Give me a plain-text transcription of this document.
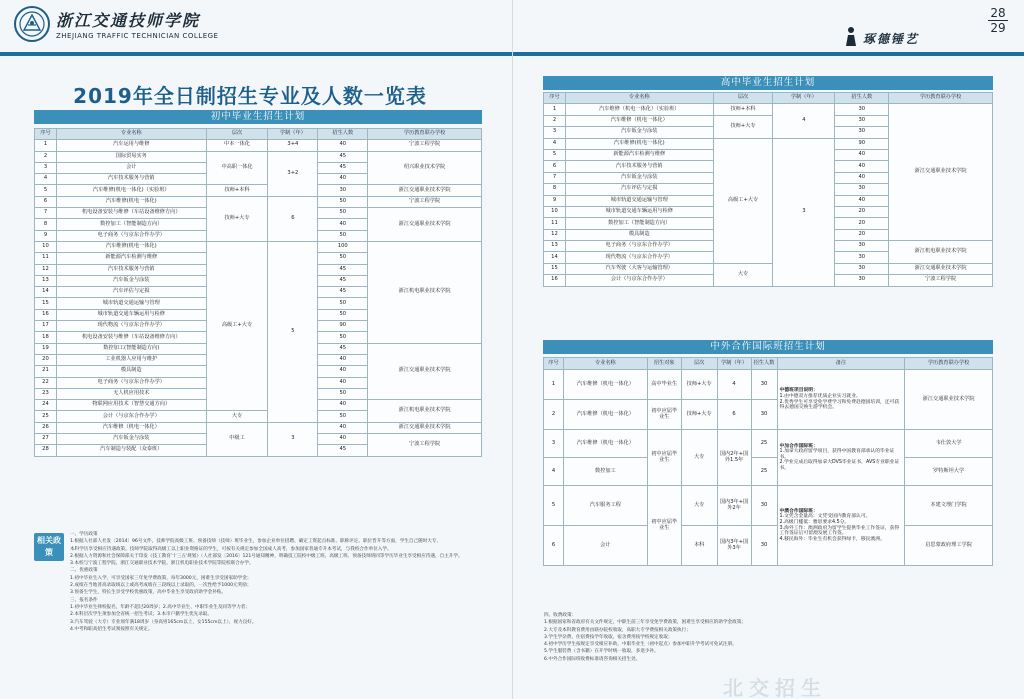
浙江交通技师学院
ZHEJIANG TRAFFIC TECHNICIAN COLLEGE
2019年全日制招生专业及人数一览表
初中毕业生招生计划
序号	专业名称	层次	学制（年）	招生人数	学历教育联办学校
1	汽车运用与维修	中本一体化	3+4	40	宁波工程学院
2	国际贸易实务	中高职一体化	3+2	45	绍兴职业技术学院
3	会计			45	
4	汽车技术服务与营销			40	
5	汽车维修(机电一体化)（实验班）	技师+本科		30	浙江交通职业技术学院
6	汽车维修(机电一体化)	技师+大专	6	50	宁波工程学院
7	机电设备安装与维修（车站设备维修方向）			50	浙江交通职业技术学院
8	数控加工（智能制造方向）			40	
9	电子商务（与京东合作办学）			50	
10	汽车维修(机电一体化)	高级工+大专	5	100	浙江机电职业技术学院
11	新能源汽车检测与维修			50	
12	汽车技术服务与营销			45	
13	汽车钣金与涂装			45	
14	汽车评估与定损			45	
15	城市轨道交通运输与管理			50	
16	城市轨道交通车辆运用与检修			50	
17	现代物流（与京东合作办学）			90	
18	机电设备安装与维修（车站设备维修方向）			50	
19	数控加工(智能制造方向)			45	浙江交通职业技术学院
20	工业机器人应用与维护			40	
21	模具制造			40	
22	电子商务（与京东合作办学）			40	
23	无人机应用技术			50	
24	物联网应用技术（智慧交通方向）			40	浙江机电职业技术学院
25	会计（与京东合作办学）	大专		50	
26	汽车维修（机电一体化）	中级工	3	40	浙江交通职业技术学院
27	汽车钣金与涂装			40	宁波工程学院
28	汽车制造与装配（众泰班）			45	
相关政策
一、学历政策
1.根据人社部人社发〔2014〕96号文件，技师学院高级工班、预备技师（技师）班毕业生，参加企业单位招聘、确定工资起点标准、职称评定、职位晋升等方面，学生自己随时大专、
本科学历享受相应待遇政策。技师学院取得高级工以上职业资格证的学生，可按有关规定参加全国成人高考，参加国家普通专升本考试，与我校合作单位入学。
2.根据人力资源和社会保障部关于印发《技工教育'十三五'规划》（人社部发〔2016〕121号通知精神，明确技工院校中级工班、高级工班、预备技师班同等学历毕业生享受相应待遇，自主升学。
3.本校与宁波工程学院、浙江交通职业技术学院、浙江机电职业技术学院等院校联合办学。
二、优惠政策
1.初中毕业生入学，可享受国家三年免学费政策，每年3000元，困难生享受国家助学金；
2.成绩在当地普高录取线以上或高考成绩在三段线以上录取的，一次性给予1000元奖励；
3.预备生学生，特长生享受学校优惠政策，高中毕业生享受政府助学金补贴。
三、报名条件
1.初中毕业生择校报名，年龄不超过20周岁；2.高中毕业生、中职毕业生及同等学力者；
2.本科层次学生须参加全省统一招生考试；3.本市户籍学生优先录取。
3.汽车驾驶（大专）专业须年满18周岁（身高男165cm以上，女155cm以上），视力良好。
4.中考和职高招生考试须按照有关规定。
琢德锤艺
28
29
高中毕业生招生计划
序号	专业名称	层次	学制（年）	招生人数	学历教育联办学校
1	汽车维修（机电一体化）（实验班）	技师+本科	4	30	浙江交通职业技术学院
2	汽车维修（机电一体化）	技师+大专		30	
3	汽车钣金与涂装			30	
4	汽车维修(机电一体化)	高级工+大专	3	90	
5	新能源汽车检测与维修			40	
6	汽车技术服务与营销			40	
7	汽车钣金与涂装			40	
8	汽车评估与定损			30	
9	城市轨道交通运输与管理			40	
10	城市轨道交通车辆运用与检修			20	
11	数控加工（智能制造方向）			20	
12	模具制造			20	
13	电子商务（与京东合作办学）			30	浙江机电职业技术学院
14	现代物流（与京东合作办学）			30	
15	汽车驾驶（大客与运输管理）	大专		30	浙江交通职业技术学院
16	会计（与京东合作办学）			30	宁波工程学院
中外合作国际班招生计划
序号	专业名称	招生对象	层次	学制（年）	招生人数	备注	学历教育联办学校
1	汽车维修（机电一体化）	高中毕业生	技师+大专	4	30	中德班项目说明：
1.由中德双方推荐优质企业实习就业。
2.优秀学生可享受免学费学习和免费赴德国培训，还可获得去德国交换生游学机会。	浙江交通职业技术学院
2	汽车维修（机电一体化）	初中应届毕业生	技师+大专	6	30		
3	汽车维修（机电一体化）	初中应届毕业生	大专	国内2年+国外1.5年	25	中加合作国际班：
1.加拿大政府留学项目，获得中国教育部承认的毕业证书。
2.学业完成后取得加拿大DVS毕业证书，AVS专业职业证书。	韦仕敦大学
4	数控加工				25		罗特斯坦大学
5	汽车服务工程	初中应届毕业生	大专	国内3年+国外2年	30	中澳合作国际班：
1.文凭含金量高：文凭受国内教育部认可。
2.高级门槛低：雅思要求4.5分。
3.海外工作：澳洲政府为留学生提供毕业工作签证，获得工作签证后可留澳发展工作签。
4.移民海外：毕业生有机会获得绿卡，移民澳洲。	本建文理门学院
6	会计		本科	国内3年+国外3年	30		启思蒙政府理工学院
四、收费政策：
1.根据国家和省政府有关文件规定，中职生前三年享受免学费政策，困难生享受相应的助学金政策；
2.大专及本科教育费用由联办院校收取，高职大专学费按相关政策执行；
3.学生学杂费、住宿费按学年收取，宿舍费用按学校规定收取；
4.初中学历学生按规定享受相应补助，中职毕业生（初中起点）参加中职升学考试可免试注册。
5.学生服装费（含书籍）在开学时统一收取，多退少补。
6.中外合作国际班收费标准请咨询相关招生处。
北交招生
